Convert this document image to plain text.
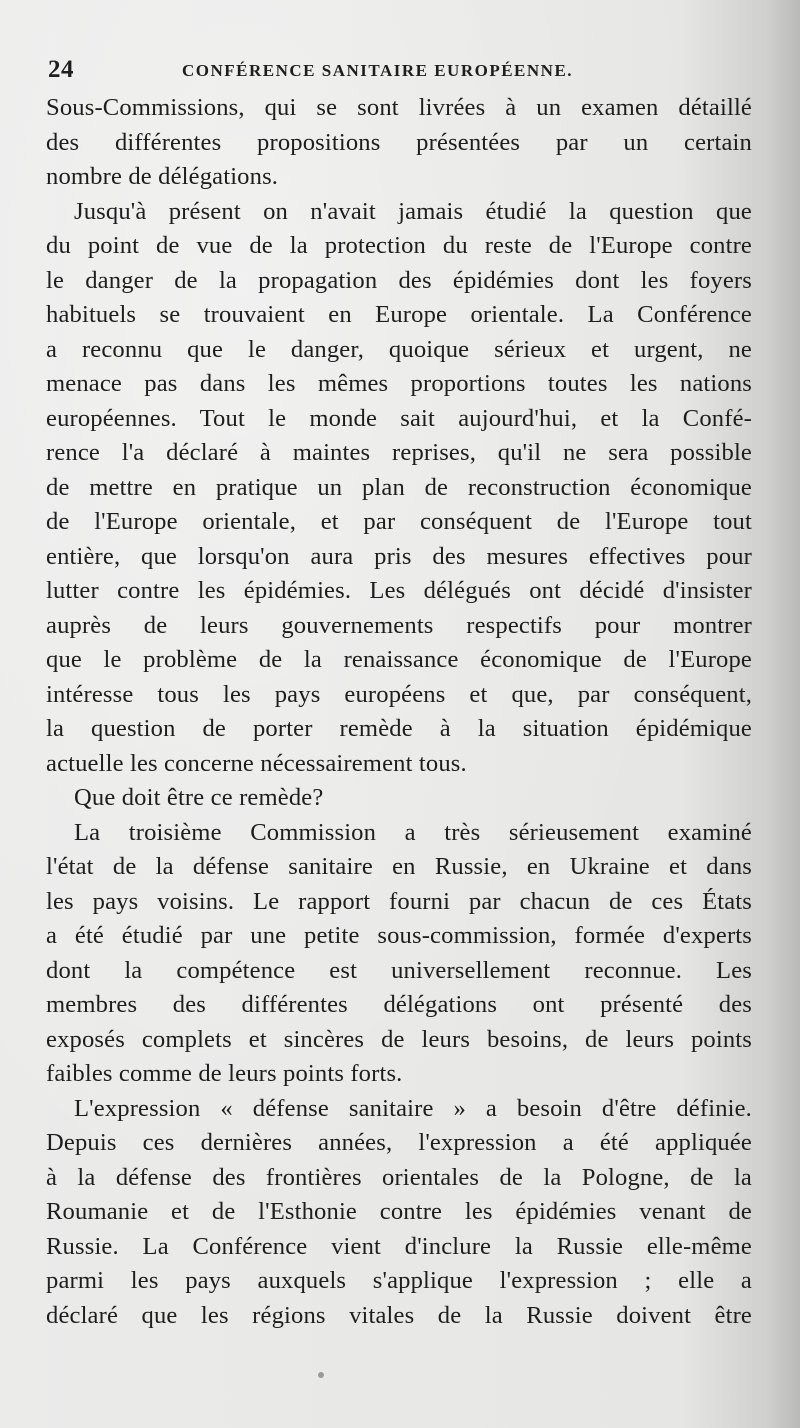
24	CONFÉRENCE SANITAIRE EUROPÉENNE.
Sous-Commissions, qui se sont livrées à un examen détaillé
des différentes propositions présentées par un certain
nombre de délégations.
Jusqu'à présent on n'avait jamais étudié la question que
du point de vue de la protection du reste de l'Europe contre
le danger de la propagation des épidémies dont les foyers
habituels se trouvaient en Europe orientale. La Conférence
a reconnu que le danger, quoique sérieux et urgent, ne
menace pas dans les mêmes proportions toutes les nations
européennes. Tout le monde sait aujourd'hui, et la Confé-
rence l'a déclaré à maintes reprises, qu'il ne sera possible
de mettre en pratique un plan de reconstruction économique
de l'Europe orientale, et par conséquent de l'Europe tout
entière, que lorsqu'on aura pris des mesures effectives pour
lutter contre les épidémies. Les délégués ont décidé d'insister
auprès de leurs gouvernements respectifs pour montrer
que le problème de la renaissance économique de l'Europe
intéresse tous les pays européens et que, par conséquent,
la question de porter remède à la situation épidémique
actuelle les concerne nécessairement tous.
Que doit être ce remède?
La troisième Commission a très sérieusement examiné
l'état de la défense sanitaire en Russie, en Ukraine et dans
les pays voisins. Le rapport fourni par chacun de ces États
a été étudié par une petite sous-commission, formée d'experts
dont la compétence est universellement reconnue. Les
membres des différentes délégations ont présenté des
exposés complets et sincères de leurs besoins, de leurs points
faibles comme de leurs points forts.
L'expression « défense sanitaire » a besoin d'être définie.
Depuis ces dernières années, l'expression a été appliquée
à la défense des frontières orientales de la Pologne, de la
Roumanie et de l'Esthonie contre les épidémies venant de
Russie. La Conférence vient d'inclure la Russie elle-même
parmi les pays auxquels s'applique l'expression ; elle a
déclaré que les régions vitales de la Russie doivent être
